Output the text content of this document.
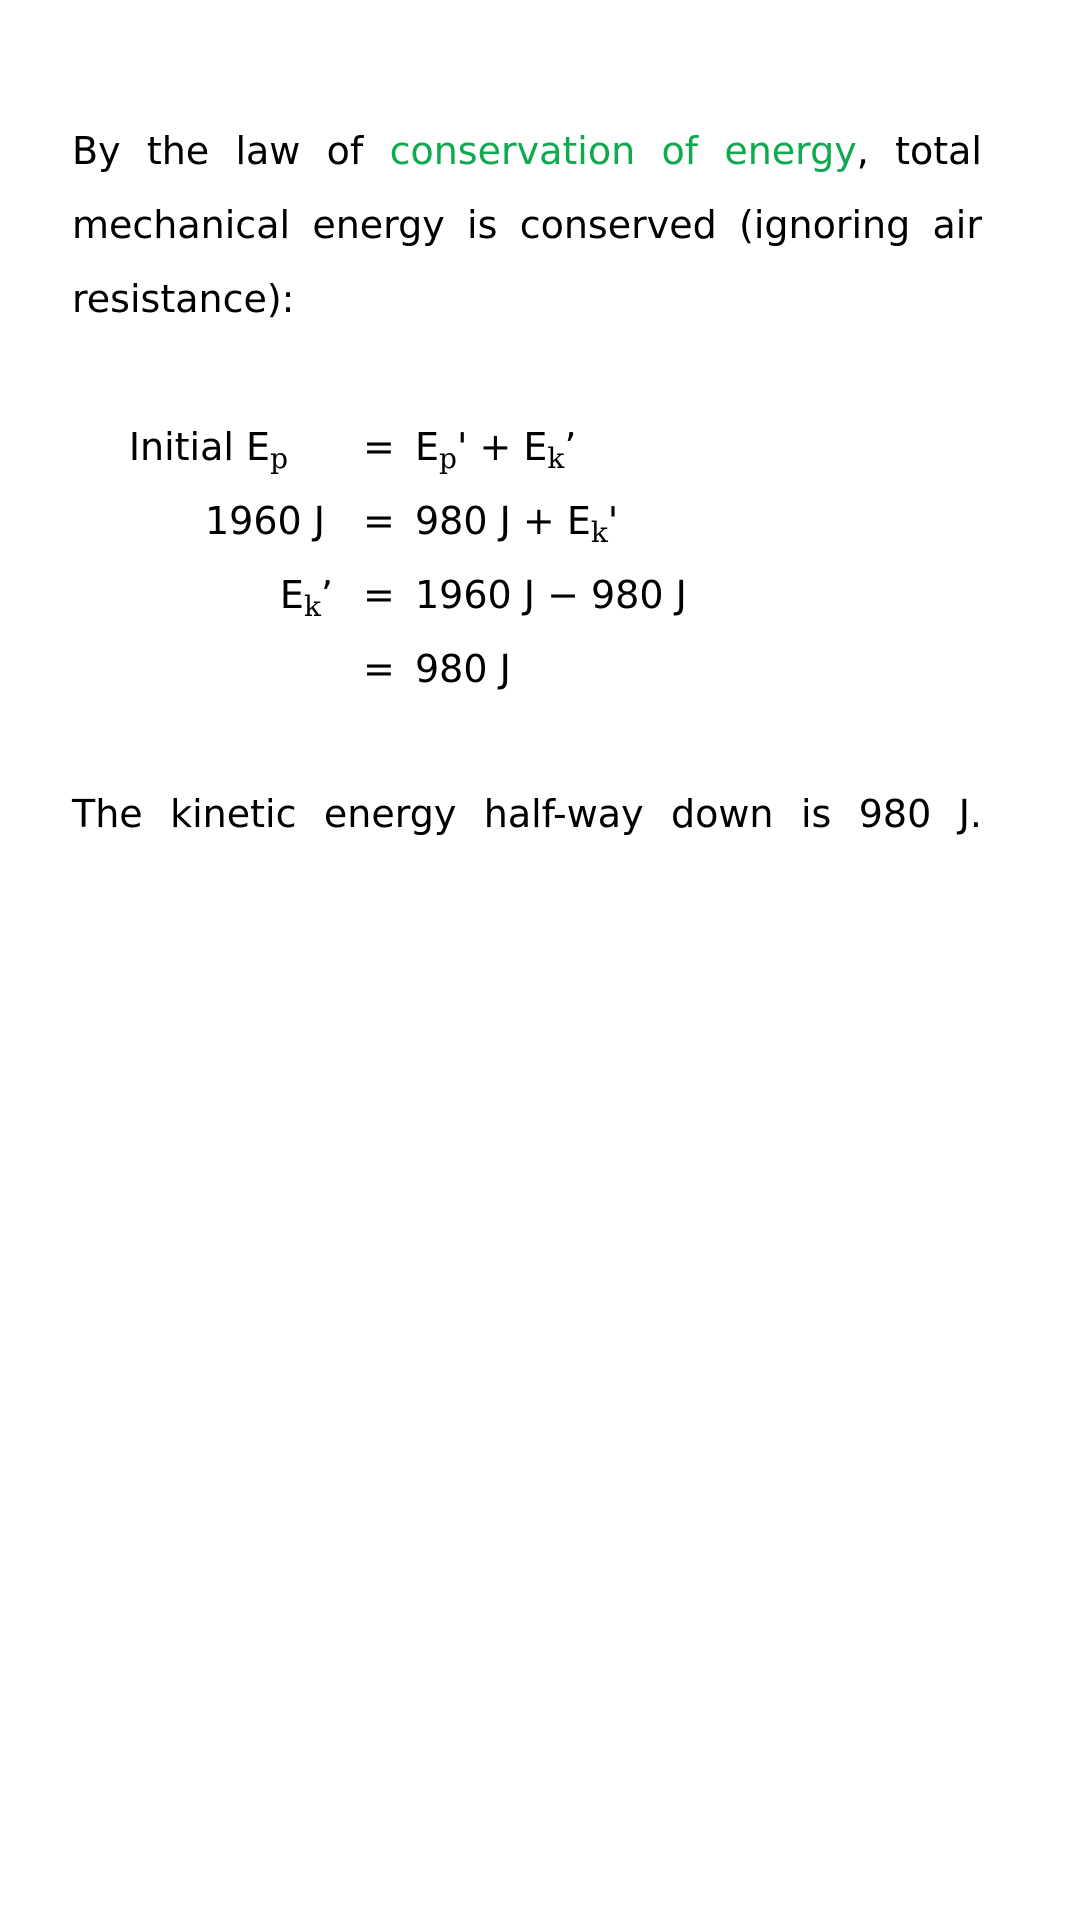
By the law of conservation of energy, total
mechanical energy is conserved (ignoring air
resistance):
Initial $E_p = E_p' + E_k$’
1960 J = 980 $J + E_k'$
$E_k$’ = 1960 J − 980 J
= 980 J
The kinetic energy half-way down is 980 J.
